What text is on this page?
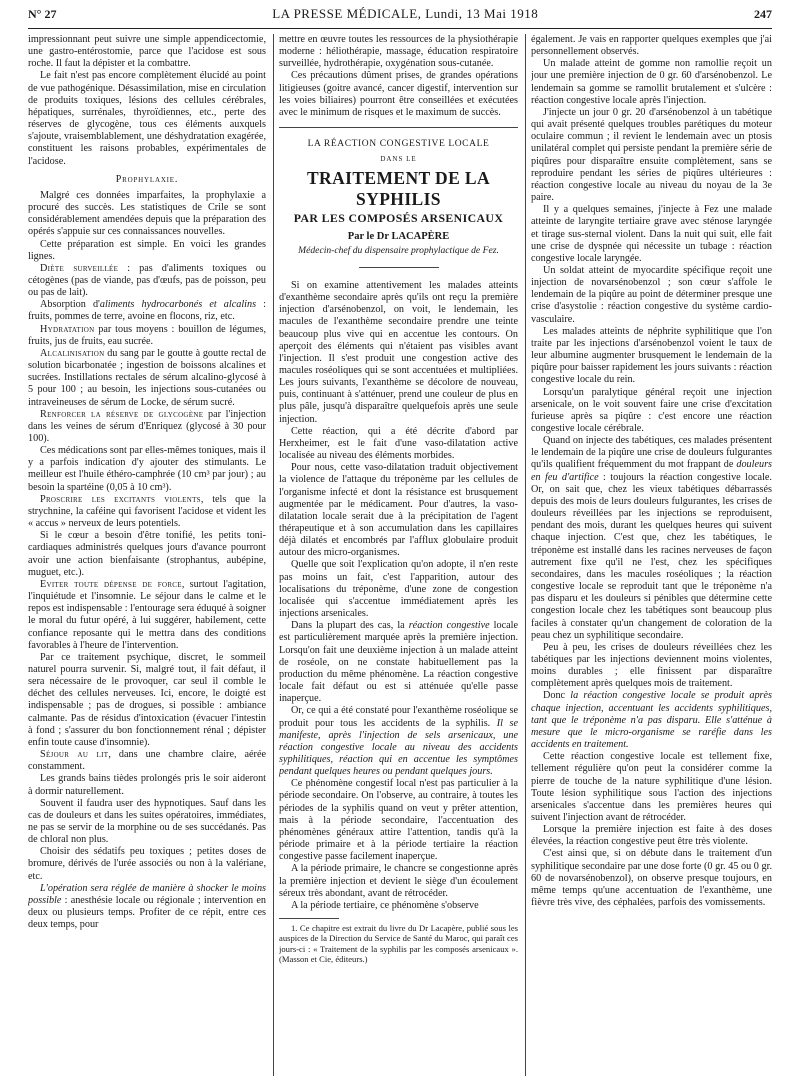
N° 27	LA PRESSE MÉDICALE, Lundi, 13 Mai 1918	247

impressionnant peut suivre une simple appendicectomie, une gastro-entérostomie, parce que l'acidose est sous roche. Il faut la dépister et la combattre.

Le fait n'est pas encore complètement élucidé au point de vue pathogénique. Désassimilation, mise en circulation de produits toxiques, lésions des cellules cérébrales, hépatiques, surrénales, thyroïdiennes, etc., perte des réserves de glycogène, tous ces éléments auxquels s'ajoute, vraisemblablement, une déshydratation exagérée, constituent les raisons probables, expérimentales de l'acidose.

Prophylaxie.

Malgré ces données imparfaites, la prophylaxie a procuré des succès. Les statistiques de Crile se sont considérablement amendées depuis que la préparation des opérés s'appuie sur ces connaissances nouvelles.

Cette préparation est simple. En voici les grandes lignes.

Diète surveillée : pas d'aliments toxiques ou cétogènes (pas de viande, pas d'œufs, pas de poisson, peu ou pas de lait).

Absorption d'aliments hydrocarbonés et alcalins : fruits, pommes de terre, avoine en flocons, riz, etc.

Hydratation par tous moyens : bouillon de légumes, fruits, jus de fruits, eau sucrée.

Alcalinisation du sang par le goutte à goutte rectal de solution bicarbonatée ; ingestion de boissons alcalines et sucrées. Instillations rectales de sérum alcalino-glycosé à 5 pour 100 ; au besoin, les injections sous-cutanées ou intraveineuses de sérum de Locke, de sérum sucré.

Renforcer la réserve de glycogène par l'injection dans les veines de sérum d'Enriquez (glycosé à 30 pour 100).

Ces médications sont par elles-mêmes toniques, mais il y a parfois indication d'y ajouter des stimulants. Le meilleur est l'huile éthéro-camphrée (10 cm³ par jour) ; au besoin la spartéine (0,05 à 10 cm³).

Proscrire les excitants violents, tels que la strychnine, la caféine qui favorisent l'acidose et vident les « accus » nerveux de leurs potentiels.

Si le cœur a besoin d'être tonifié, les petits toni-cardiaques administrés quelques jours d'avance pourront avoir une action bienfaisante (strophantus, aubépine, muguet, etc.).

Eviter toute dépense de force, surtout l'agitation, l'inquiétude et l'insomnie. Le séjour dans le calme et le repos est indispensable : l'entourage sera éduqué à soigner le moral du futur opéré, à lui suggérer, habilement, cette confiance reposante qui le mettra dans des conditions favorables à l'heure de l'intervention.

Par ce traitement psychique, discret, le sommeil naturel pourra survenir. Si, malgré tout, il fait défaut, il sera nécessaire de le provoquer, car seul il comble le déchet des cellules nerveuses. Ici, encore, le doigté est indispensable ; pas de drogues, si possible : ambiance calmante. Pas de résidus d'intoxication (évacuer l'intestin à fond ; s'assurer du bon fonctionnement rénal ; dépister enfin toute cause d'insomnie).

Séjour au lit, dans une chambre claire, aérée constamment.

Les grands bains tièdes prolongés pris le soir aideront à dormir naturellement.

Souvent il faudra user des hypnotiques. Sauf dans les cas de douleurs et dans les suites opératoires, immédiates, ne pas se servir de la morphine ou de ses succédanés. Pas de chloral non plus.

Choisir des sédatifs peu toxiques ; petites doses de bromure, dérivés de l'urée associés ou non à la valériane, etc.

L'opération sera réglée de manière à shocker le moins possible : anesthésie locale ou régionale ; intervention en deux ou plusieurs temps. Profiter de ce répit, entre ces deux temps, pour

mettre en œuvre toutes les ressources de la physiothérapie moderne : héliothérapie, massage, éducation respiratoire surveillée, hydrothérapie, oxygénation sous-cutanée.

Ces précautions dûment prises, de grandes opérations litigieuses (goitre avancé, cancer digestif, intervention sur les voies biliaires) pourront être conseillées et exécutées avec le minimum de risques et le maximum de succès.

LA RÉACTION CONGESTIVE LOCALE
DANS LE
TRAITEMENT DE LA SYPHILIS
PAR LES COMPOSÉS ARSENICAUX
Par le Dr LACAPÈRE
Médecin-chef du dispensaire prophylactique de Fez.

Si on examine attentivement les malades atteints d'exanthème secondaire après qu'ils ont reçu la première injection d'arsénobenzol, on voit, le lendemain, les macules de l'exanthème secondaire prendre une teinte beaucoup plus vive qui en accentue les contours. On aperçoit des éléments qui n'étaient pas visibles avant l'injection. Il s'est produit une congestion active des macules roséoliques qui se sont accentuées et multipliées. Les jours suivants, l'exanthème se décolore de nouveau, puis, continuant à s'atténuer, prend une couleur de plus en plus pâle, jusqu'à disparaître quelquefois après une seule injection.

Cette réaction, qui a été décrite d'abord par Herxheimer, est le fait d'une vaso-dilatation active localisée au niveau des éléments morbides.

Pour nous, cette vaso-dilatation traduit objectivement la violence de l'attaque du tréponème par les cellules de l'organisme infecté et dont la résistance est brusquement augmentée par le médicament. Pour d'autres, la vaso-dilatation locale serait due à la précipitation de l'agent thérapeutique et à son accumulation dans les capillaires déjà dilatés et encombrés par l'afflux globulaire produit autour des micro-organismes.

Quelle que soit l'explication qu'on adopte, il n'en reste pas moins un fait, c'est l'apparition, autour des localisations du tréponème, d'une zone de congestion localisée qui s'accentue immédiatement après les injections arsenicales.

Dans la plupart des cas, la réaction congestive locale est particulièrement marquée après la première injection. Lorsqu'on fait une deuxième injection à un malade atteint de roséole, on ne constate habituellement pas la production du même phénomène. La réaction congestive locale fait défaut ou est si atténuée qu'elle passe inaperçue.

Or, ce qui a été constaté pour l'exanthème roséolique se produit pour tous les accidents de la syphilis. Il se manifeste, après l'injection de sels arsenicaux, une réaction congestive locale au niveau des accidents syphilitiques, réaction qui en accentue les symptômes pendant quelques heures ou pendant quelques jours.

Ce phénomène congestif local n'est pas particulier à la période secondaire. On l'observe, au contraire, à toutes les périodes de la syphilis quand on veut y prêter attention, mais à la période secondaire, l'accentuation des phénomènes généraux attire l'attention, tandis qu'à la période primaire et à la période tertiaire la réaction congestive passe facilement inaperçue.

A la période primaire, le chancre se congestionne après la première injection et devient le siège d'un écoulement séreux très abondant, avant de rétrocéder.

A la période tertiaire, ce phénomène s'observe

1. Ce chapitre est extrait du livre du Dr Lacapère, publié sous les auspices de la Direction du Service de Santé du Maroc, qui paraît ces jours-ci : « Traitement de la syphilis par les composés arsenicaux ». (Masson et Cie, éditeurs.)

également. Je vais en rapporter quelques exemples que j'ai personnellement observés.

Un malade atteint de gomme non ramollie reçoit un jour une première injection de 0 gr. 60 d'arsénobenzol. Le lendemain sa gomme se ramollit brutalement et s'ulcère : réaction congestive locale après l'injection.

J'injecte un jour 0 gr. 20 d'arsénobenzol à un tabétique qui avait présenté quelques troubles parétiques du moteur oculaire commun ; il revient le lendemain avec un ptosis unilatéral complet qui persiste pendant la première série de piqûres pour disparaître ensuite complètement, sans se reproduire pendant les séries de piqûres ultérieures : réaction congestive locale au niveau du noyau de la 3e paire.

Il y a quelques semaines, j'injecte à Fez une malade atteinte de laryngite tertiaire grave avec sténose laryngée et tirage sus-sternal violent. Dans la nuit qui suit, elle fait une crise de dyspnée qui nécessite un tubage : réaction congestive locale laryngée.

Un soldat atteint de myocardite spécifique reçoit une injection de novarsénobenzol ; son cœur s'affole le lendemain de la piqûre au point de déterminer presque une crise d'asystolie : réaction congestive du système cardio-vasculaire.

Les malades atteints de néphrite syphilitique que l'on traite par les injections d'arsénobenzol voient le taux de leur albumine augmenter brusquement le lendemain de la piqûre pour baisser rapidement les jours suivants : réaction congestive locale du rein.

Lorsqu'un paralytique général reçoit une injection arsenicale, on le voit souvent faire une crise d'excitation furieuse après sa piqûre : c'est encore une réaction congestive locale cérébrale.

Quand on injecte des tabétiques, ces malades présentent le lendemain de la piqûre une crise de douleurs fulgurantes qu'ils qualifient fréquemment du mot frappant de douleurs en feu d'artifice : toujours la réaction congestive locale. Or, on sait que, chez les vieux tabétiques débarrassés depuis des mois de leurs douleurs fulgurantes, les crises de douleurs réveillées par les injections se reproduisent, pendant des mois, durant les quelques heures qui suivent chaque injection. C'est que, chez les tabétiques, le tréponème est installé dans les racines nerveuses de façon autrement fixe qu'il ne l'est, chez les spécifiques secondaires, dans les macules roséoliques ; la réaction congestive locale se reproduit tant que le tréponème n'a pas disparu et les douleurs si pénibles que détermine cette congestion locale chez les tabétiques sont beaucoup plus faciles à constater qu'un changement de coloration de la peau chez un syphilitique secondaire.

Peu à peu, les crises de douleurs réveillées chez les tabétiques par les injections deviennent moins violentes, moins durables ; elle finissent par disparaître complètement après quelques mois de traitement.

Donc la réaction congestive locale se produit après chaque injection, accentuant les accidents syphilitiques, tant que le tréponème n'a pas disparu. Elle s'atténue à mesure que le micro-organisme se raréfie dans les accidents en traitement.

Cette réaction congestive locale est tellement fixe, tellement régulière qu'on peut la considérer comme la pierre de touche de la nature syphilitique d'une lésion. Toute lésion syphilitique sous l'action des injections arsenicales s'accentue dans les premières heures qui suivent l'injection avant de rétrocéder.

Lorsque la première injection est faite à des doses élevées, la réaction congestive peut être très violente.

C'est ainsi que, si on débute dans le traitement d'un syphilitique secondaire par une dose forte (0 gr. 45 ou 0 gr. 60 de novarsénobenzol), on observe presque toujours, en même temps qu'une accentuation de l'exanthème, une fièvre très vive, des céphalées, parfois des vomissements.
